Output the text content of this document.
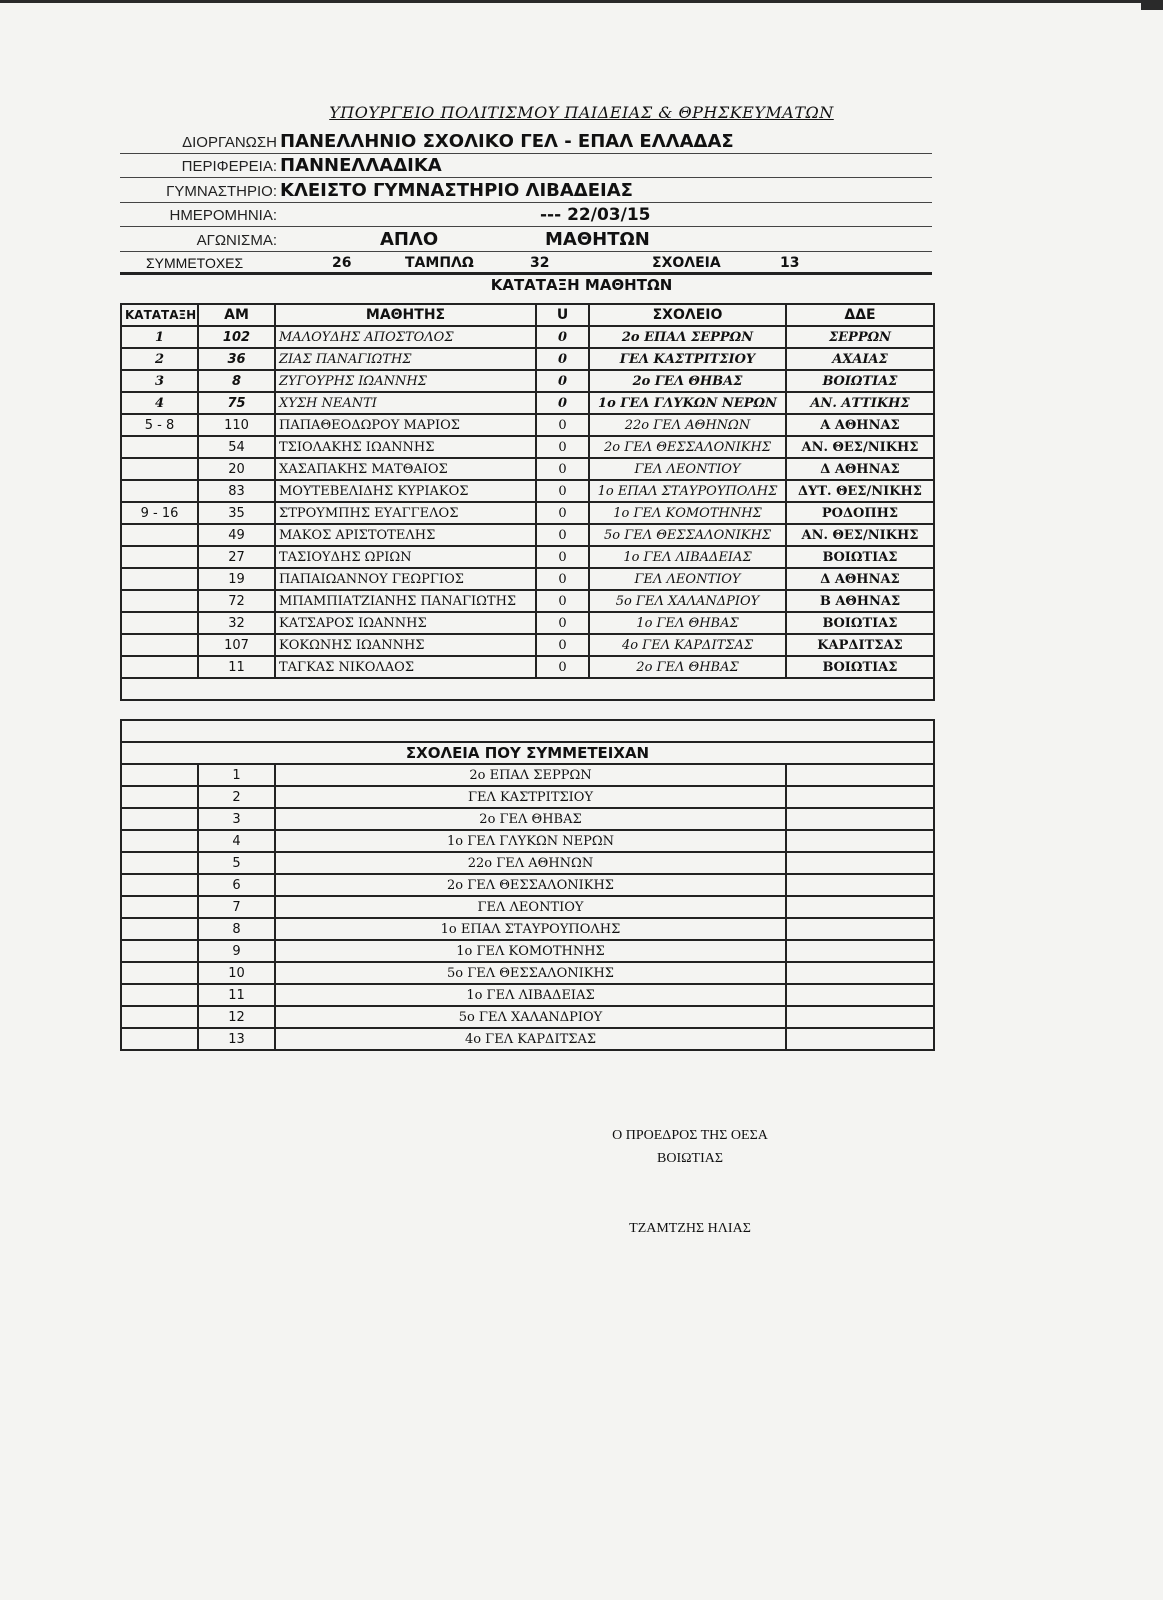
ΥΠΟΥΡΓΕΙΟ ΠΟΛΙΤΙΣΜΟΥ ΠΑΙΔΕΙΑΣ & ΘΡΗΣΚΕΥΜΑΤΩΝ
ΔΙΟΡΓΑΝΩΣΗ ΠΑΝΕΛΛΗΝΙΟ ΣΧΟΛΙΚΟ ΓΕΛ - ΕΠΑΛ ΕΛΛΑΔΑΣ
ΠΕΡΙΦΕΡΕΙΑ: ΠΑΝΝΕΛΛΑΔΙΚΑ
ΓΥΜΝΑΣΤΗΡΙΟ: ΚΛΕΙΣΤΟ ΓΥΜΝΑΣΤΗΡΙΟ ΛΙΒΑΔΕΙΑΣ
ΗΜΕΡΟΜΗΝΙΑ:	--- 22/03/15
ΑΓΩΝΙΣΜΑ:	ΑΠΛΟ	ΜΑΘΗΤΩΝ
ΣΥΜΜΕΤΟΧΕΣ	26	ΤΑΜΠΛΩ	32	ΣΧΟΛΕΙΑ	13
ΚΑΤΑΤΑΞΗ ΜΑΘΗΤΩΝ
ΚΑΤΑΤΑΞΗ	ΑΜ	ΜΑΘΗΤΗΣ	U	ΣΧΟΛΕΙΟ	ΔΔΕ
1	102	ΜΑΛΟΥΔΗΣ ΑΠΟΣΤΟΛΟΣ	0	2ο ΕΠΑΛ ΣΕΡΡΩΝ	ΣΕΡΡΩΝ
2	36	ΖΙΑΣ ΠΑΝΑΓΙΩΤΗΣ	0	ΓΕΛ ΚΑΣΤΡΙΤΣΙΟΥ	ΑΧΑΙΑΣ
3	8	ΖΥΓΟΥΡΗΣ ΙΩΑΝΝΗΣ	0	2ο ΓΕΛ ΘΗΒΑΣ	ΒΟΙΩΤΙΑΣ
4	75	ΧΥΣΗ ΝΕΑΝΤΙ	0	1ο ΓΕΛ ΓΛΥΚΩΝ ΝΕΡΩΝ	ΑΝ. ΑΤΤΙΚΗΣ
5 - 8	110	ΠΑΠΑΘΕΟΔΩΡΟΥ ΜΑΡΙΟΣ	0	22ο ΓΕΛ ΑΘΗΝΩΝ	Α ΑΘΗΝΑΣ
	54	ΤΣΙΟΛΑΚΗΣ ΙΩΑΝΝΗΣ	0	2ο ΓΕΛ ΘΕΣΣΑΛΟΝΙΚΗΣ	ΑΝ. ΘΕΣ/ΝΙΚΗΣ
	20	ΧΑΣΑΠΑΚΗΣ ΜΑΤΘΑΙΟΣ	0	ΓΕΛ ΛΕΟΝΤΙΟΥ	Δ ΑΘΗΝΑΣ
	83	ΜΟΥΤΕΒΕΛΙΔΗΣ ΚΥΡΙΑΚΟΣ	0	1ο ΕΠΑΛ ΣΤΑΥΡΟΥΠΟΛΗΣ	ΔΥΤ. ΘΕΣ/ΝΙΚΗΣ
9 - 16	35	ΣΤΡΟΥΜΠΗΣ ΕΥΑΓΓΕΛΟΣ	0	1ο ΓΕΛ ΚΟΜΟΤΗΝΗΣ	ΡΟΔΟΠΗΣ
	49	ΜΑΚΟΣ ΑΡΙΣΤΟΤΕΛΗΣ	0	5ο ΓΕΛ ΘΕΣΣΑΛΟΝΙΚΗΣ	ΑΝ. ΘΕΣ/ΝΙΚΗΣ
	27	ΤΑΣΙΟΥΔΗΣ ΩΡΙΩΝ	0	1ο ΓΕΛ ΛΙΒΑΔΕΙΑΣ	ΒΟΙΩΤΙΑΣ
	19	ΠΑΠΑΙΩΑΝΝΟΥ ΓΕΩΡΓΙΟΣ	0	ΓΕΛ ΛΕΟΝΤΙΟΥ	Δ ΑΘΗΝΑΣ
	72	ΜΠΑΜΠΙΑΤΖΙΑΝΗΣ ΠΑΝΑΓΙΩΤΗΣ	0	5ο ΓΕΛ ΧΑΛΑΝΔΡΙΟΥ	Β ΑΘΗΝΑΣ
	32	ΚΑΤΣΑΡΟΣ ΙΩΑΝΝΗΣ	0	1ο ΓΕΛ ΘΗΒΑΣ	ΒΟΙΩΤΙΑΣ
	107	ΚΟΚΩΝΗΣ ΙΩΑΝΝΗΣ	0	4ο ΓΕΛ ΚΑΡΔΙΤΣΑΣ	ΚΑΡΔΙΤΣΑΣ
	11	ΤΑΓΚΑΣ ΝΙΚΟΛΑΟΣ	0	2ο ΓΕΛ ΘΗΒΑΣ	ΒΟΙΩΤΙΑΣ

ΣΧΟΛΕΙΑ ΠΟΥ ΣΥΜΜΕΤΕΙΧΑΝ			
	1	2ο ΕΠΑΛ ΣΕΡΡΩΝ	
	2	ΓΕΛ ΚΑΣΤΡΙΤΣΙΟΥ	
	3	2ο ΓΕΛ ΘΗΒΑΣ	
	4	1ο ΓΕΛ ΓΛΥΚΩΝ ΝΕΡΩΝ	
	5	22ο ΓΕΛ ΑΘΗΝΩΝ	
	6	2ο ΓΕΛ ΘΕΣΣΑΛΟΝΙΚΗΣ	
	7	ΓΕΛ ΛΕΟΝΤΙΟΥ	
	8	1ο ΕΠΑΛ ΣΤΑΥΡΟΥΠΟΛΗΣ	
	9	1ο ΓΕΛ ΚΟΜΟΤΗΝΗΣ	
	10	5ο ΓΕΛ ΘΕΣΣΑΛΟΝΙΚΗΣ	
	11	1ο ΓΕΛ ΛΙΒΑΔΕΙΑΣ	
	12	5ο ΓΕΛ ΧΑΛΑΝΔΡΙΟΥ	
	13	4ο ΓΕΛ ΚΑΡΔΙΤΣΑΣ	
Ο ΠΡΟΕΔΡΟΣ ΤΗΣ ΟΕΣΑ
ΒΟΙΩΤΙΑΣ
ΤΖΑΜΤΖΗΣ ΗΛΙΑΣ
